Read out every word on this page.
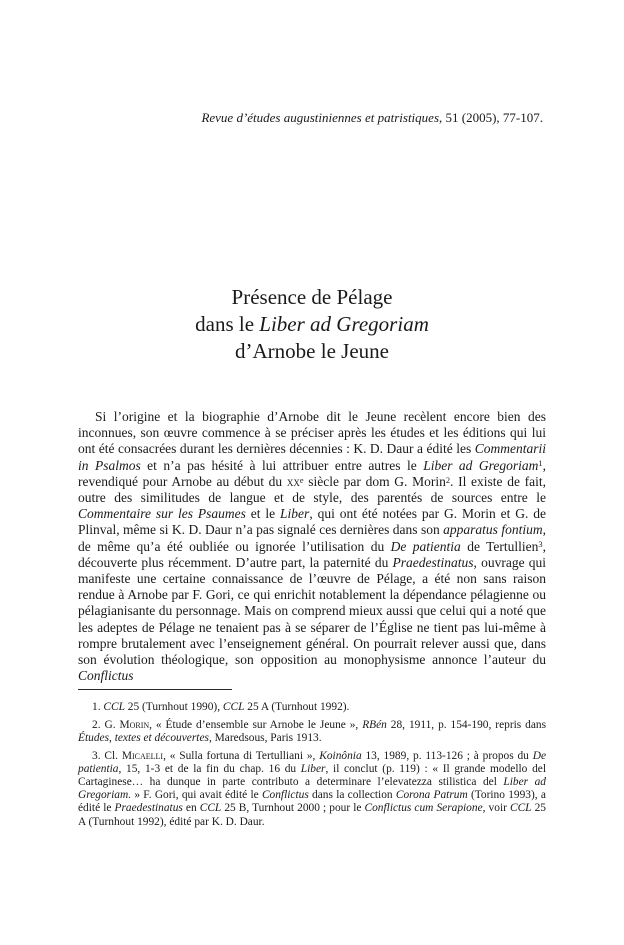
Revue d’études augustiniennes et patristiques, 51 (2005), 77-107.
Présence de Pélage
dans le Liber ad Gregoriam
d’Arnobe le Jeune
Si l’origine et la biographie d’Arnobe dit le Jeune recèlent encore bien des inconnues, son œuvre commence à se préciser après les études et les éditions qui lui ont été consacrées durant les dernières décennies : K. D. Daur a édité les Commentarii in Psalmos et n’a pas hésité à lui attribuer entre autres le Liber ad Gregoriam$^1$, revendiqué pour Arnobe au début du $xx^e$ siècle par dom G. Morin$^2$. Il existe de fait, outre des similitudes de langue et de style, des parentés de sources entre le Commentaire sur les Psaumes et le Liber, qui ont été notées par G. Morin et G. de Plinval, même si K. D. Daur n’a pas signalé ces dernières dans son apparatus fontium, de même qu’a été oubliée ou ignorée l’utilisation du De patientia de Tertullien$^3$, découverte plus récemment. D’autre part, la paternité du Praedestinatus, ouvrage qui manifeste une certaine connaissance de l’œuvre de Pélage, a été non sans raison rendue à Arnobe par F. Gori, ce qui enrichit notablement la dépendance pélagienne ou pélagianisante du personnage. Mais on comprend mieux aussi que celui qui a noté que les adeptes de Pélage ne tenaient pas à se séparer de l’Église ne tient pas lui-même à rompre brutalement avec l’enseignement général. On pourrait relever aussi que, dans son évolution théologique, son opposition au monophysisme annonce l’auteur du Conflictus

1. CCL 25 (Turnhout 1990), CCL 25 A (Turnhout 1992).

2. G. Morin, « Étude d’ensemble sur Arnobe le Jeune », RBén 28, 1911, p. 154-190, repris dans Études, textes et découvertes, Maredsous, Paris 1913.

3. Cl. Micaelli, « Sulla fortuna di Tertulliani », Koinônia 13, 1989, p. 113-126 ; à propos du De patientia, 15, 1-3 et de la fin du chap. 16 du Liber, il conclut (p. 119) : « Il grande modello del Cartaginese… ha dunque in parte contributo a determinare l’elevatezza stilistica del Liber ad Gregoriam. » F. Gori, qui avait édité le Conflictus dans la collection Corona Patrum (Torino 1993), a édité le Praedestinatus en CCL 25 B, Turnhout 2000 ; pour le Conflictus cum Serapione, voir CCL 25 A (Turnhout 1992), édité par K. D. Daur.
